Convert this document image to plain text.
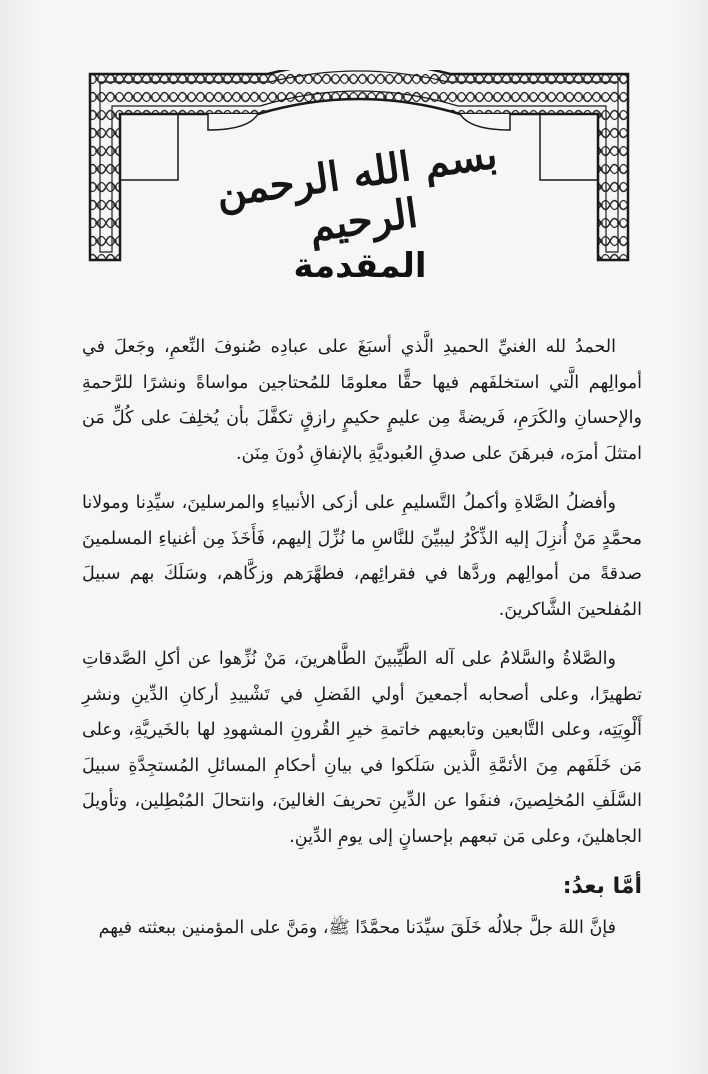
بسم الله الرحمن الرحيم
المقدمة
الحمدُ لله الغنيِّ الحميدِ الَّذي أسبَغَ على عبادِه صُنوفَ النِّعمِ، وجَعلَ في أموالِهم الَّتي استخلفَهم فيها حقًّا معلومًا للمُحتاجين مواساةً ونشرًا للرَّحمةِ والإحسانِ والكَرَمِ، فَريضةً مِن عليمٍ حكيمٍ رازقٍ تكفَّلَ بأن يُخلِفَ على كُلِّ مَن امتثلَ أمرَه، فبرهَنَ على صدقِ العُبوديَّةِ بالإنفاقِ دُونَ مِنَن.
وأفضلُ الصَّلاةِ وأكملُ التَّسليمِ على أزكى الأنبياءِ والمرسلينَ، سيِّدِنا ومولانا محمَّدٍ مَنْ أُنزِلَ إليه الذِّكْرُ ليبيِّنَ للنَّاسِ ما نُزِّلَ إليهم، فَأَخَذَ مِن أغنياءِ المسلمينَ صدقةً من أموالِهم وردَّها في فقرائِهم، فطهَّرَهم وزكَّاهم، وسَلَكَ بهم سبيلَ المُفلحينَ الشَّاكرينَ.
والصَّلاةُ والسَّلامُ على آله الطَّيِّبينَ الطَّاهرينَ، مَنْ نُزِّهوا عن أكلِ الصَّدقاتِ تطهيرًا، وعلى أصحابه أجمعينَ أولي الفَضلِ في تَشْييدِ أركانِ الدِّينِ ونشرِ أَلْوِيَتِه، وعلى التَّابعين وتابعيهم خاتمةِ خيرِ القُرونِ المشهودِ لها بالخَيريَّةِ، وعلى مَن خَلَفَهم مِنَ الأئمَّةِ الَّذين سَلَكوا في بيانِ أحكامِ المسائلِ المُستجِدَّةِ سبيلَ السَّلَفِ المُخلِصينَ، فنفَوا عن الدِّينِ تحريفَ الغالينَ، وانتحالَ المُبْطِلين، وتأويلَ الجاهلينَ، وعلى مَن تبعهم بإحسانٍ إلى يومِ الدِّينِ.
أمَّا بعدُ:
فإنَّ اللهَ جلَّ جلالُه خَلَقَ سيِّدَنا محمَّدًا ﷺ، ومَنَّ على المؤمنين ببعثته فيهم
